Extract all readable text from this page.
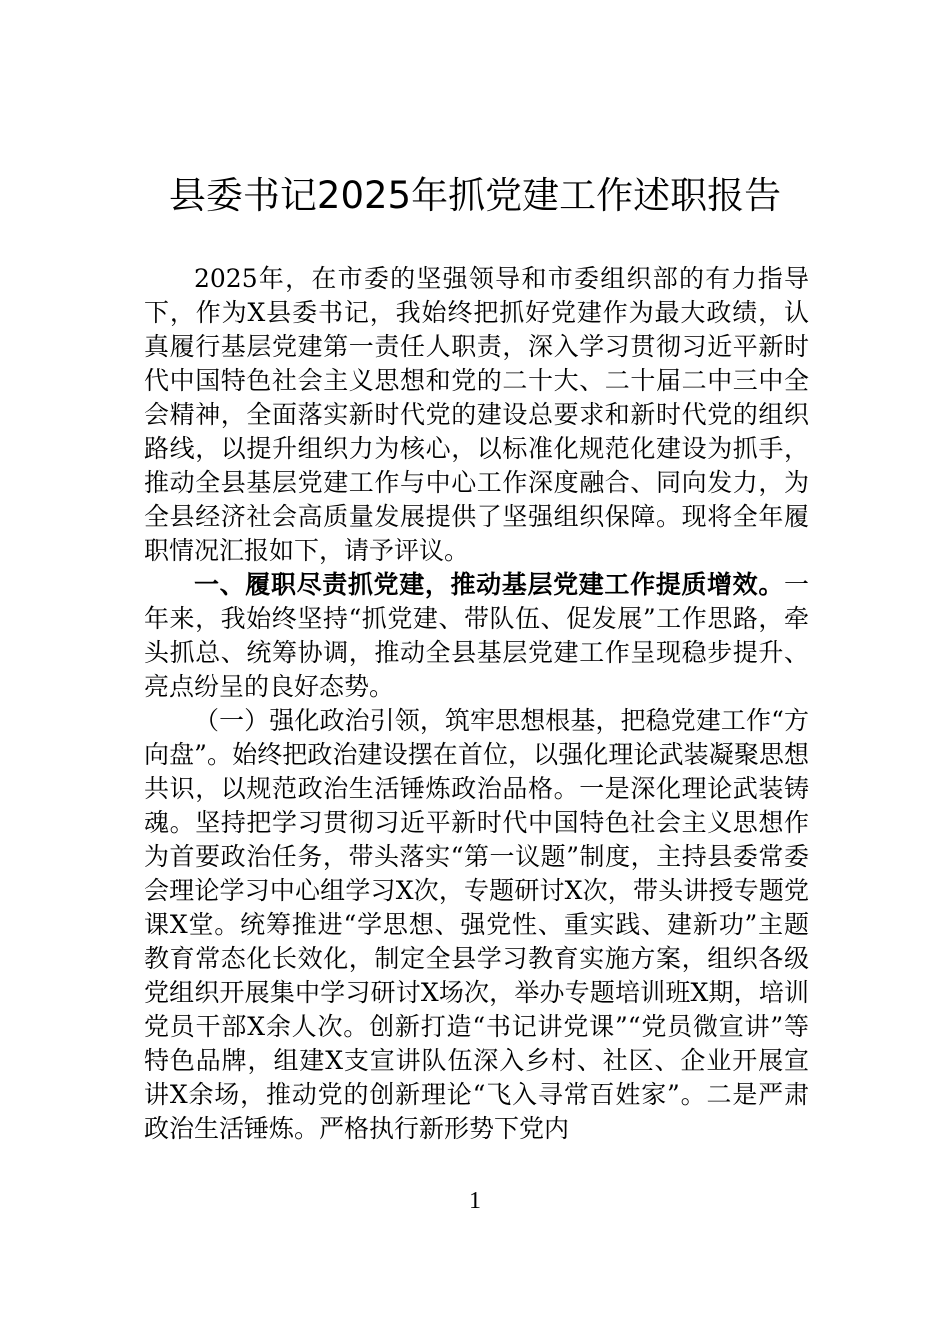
县委书记2025年抓党建工作述职报告

2025年，在市委的坚强领导和市委组织部的有力指导下，作为X县委书记，我始终把抓好党建作为最大政绩，认真履行基层党建第一责任人职责，深入学习贯彻习近平新时代中国特色社会主义思想和党的二十大、二十届二中三中全会精神，全面落实新时代党的建设总要求和新时代党的组织路线，以提升组织力为核心，以标准化规范化建设为抓手，推动全县基层党建工作与中心工作深度融合、同向发力，为全县经济社会高质量发展提供了坚强组织保障。现将全年履职情况汇报如下，请予评议。

一、履职尽责抓党建，推动基层党建工作提质增效。一年来，我始终坚持“抓党建、带队伍、促发展”工作思路，牵头抓总、统筹协调，推动全县基层党建工作呈现稳步提升、亮点纷呈的良好态势。

（一）强化政治引领，筑牢思想根基，把稳党建工作“方向盘”。始终把政治建设摆在首位，以强化理论武装凝聚思想共识，以规范政治生活锤炼政治品格。一是深化理论武装铸魂。坚持把学习贯彻习近平新时代中国特色社会主义思想作为首要政治任务，带头落实“第一议题”制度，主持县委常委会理论学习中心组学习X次，专题研讨X次，带头讲授专题党课X堂。统筹推进“学思想、强党性、重实践、建新功”主题教育常态化长效化，制定全县学习教育实施方案，组织各级党组织开展集中学习研讨X场次，举办专题培训班X期，培训党员干部X余人次。创新打造“书记讲党课”“党员微宣讲”等特色品牌，组建X支宣讲队伍深入乡村、社区、企业开展宣讲X余场，推动党的创新理论“飞入寻常百姓家”。二是严肃政治生活锤炼。严格执行新形势下党内

1
